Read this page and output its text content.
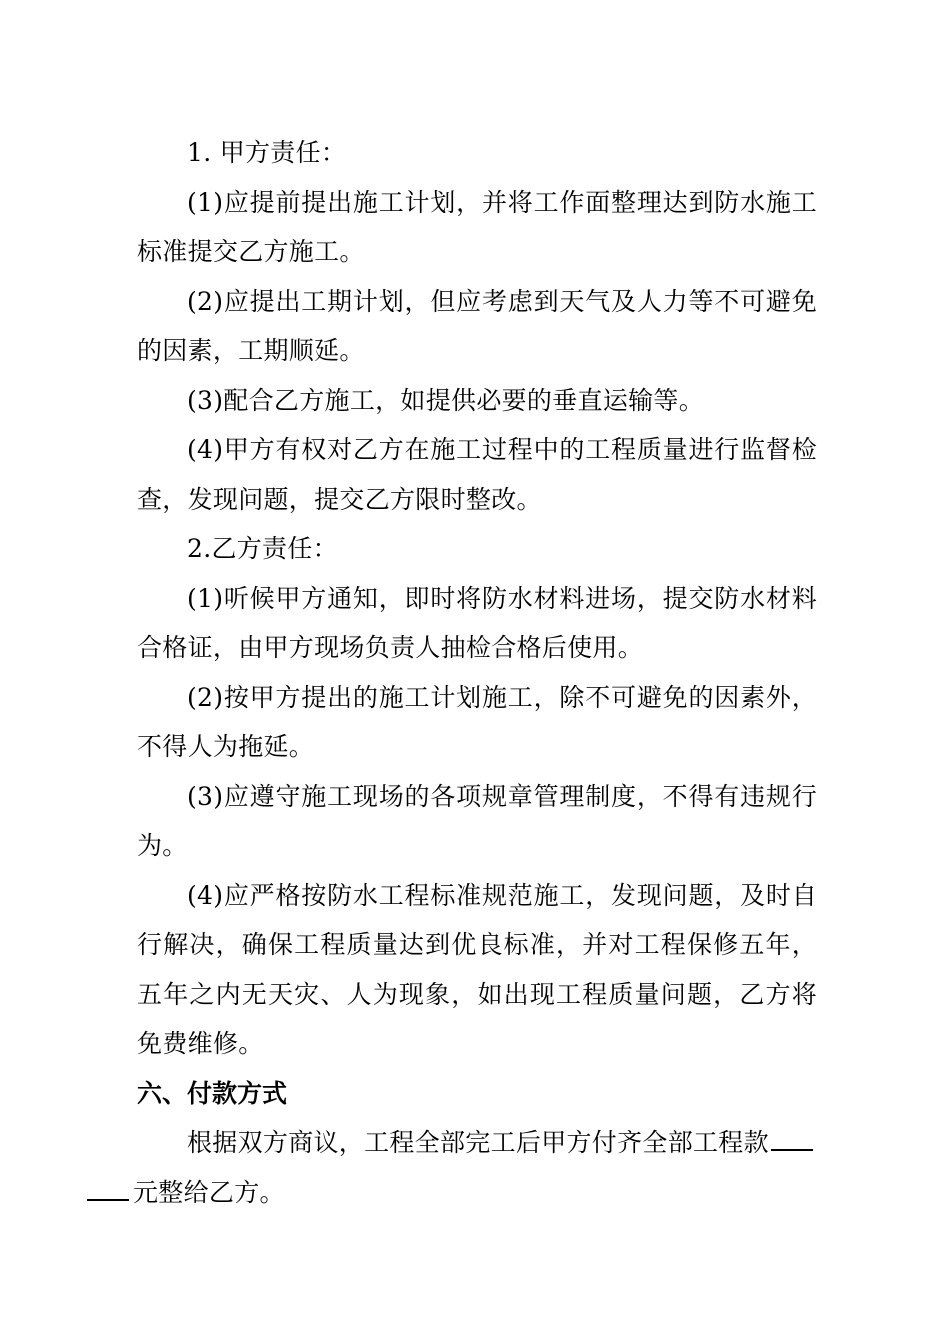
1. 甲方责任：

(1)应提前提出施工计划，并将工作面整理达到防水施工标准提交乙方施工。

(2)应提出工期计划，但应考虑到天气及人力等不可避免的因素，工期顺延。

(3)配合乙方施工，如提供必要的垂直运输等。

(4)甲方有权对乙方在施工过程中的工程质量进行监督检查，发现问题，提交乙方限时整改。

2.乙方责任：

(1)听候甲方通知，即时将防水材料进场，提交防水材料合格证，由甲方现场负责人抽检合格后使用。

(2)按甲方提出的施工计划施工，除不可避免的因素外，不得人为拖延。

(3)应遵守施工现场的各项规章管理制度，不得有违规行为。

(4)应严格按防水工程标准规范施工，发现问题，及时自行解决，确保工程质量达到优良标准，并对工程保修五年，五年之内无天灾、人为现象，如出现工程质量问题，乙方将免费维修。

六、付款方式

根据双方商议，工程全部完工后甲方付齐全部工程款
元整给乙方。
